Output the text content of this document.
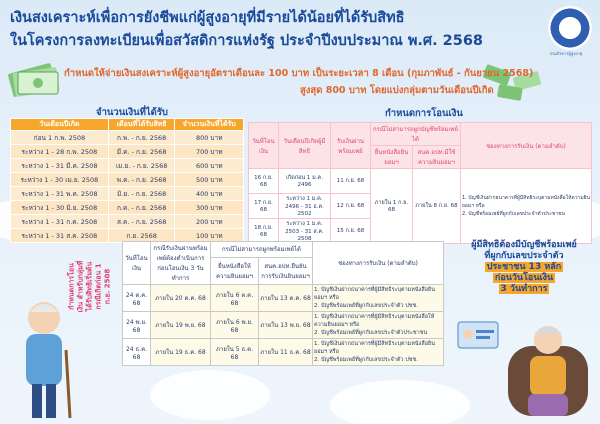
เงินสงเคราะห์เพื่อการยังชีพแก่ผู้สูงอายุที่มีรายได้น้อยที่ได้รับสิทธิ
ในโครงการลงทะเบียนเพื่อสวัสดิการแห่งรัฐ ประจำปีงบประมาณ พ.ศ. 2568
กรมกิจการผู้สูงอายุ
กำหนดให้จ่ายเงินสงเคราะห์ผู้สูงอายุอัตราเดือนละ 100 บาท เป็นระยะเวลา 8 เดือน (กุมภาพันธ์ - กันยายน 2568)
สูงสุด 800 บาท โดยแบ่งกลุ่มตามวันเดือนปีเกิด
จำนวนเงินที่ได้รับ	กำหนดการโอนเงิน
วันเดือนปีเกิด	เดือนที่ได้รับสิทธิ	จำนวนเงินที่ได้รับ
ก่อน 1 ก.พ. 2508	ก.พ. - ก.ย. 2568	800 บาท
ระหว่าง 1 - 28 ก.พ. 2508	มี.ค. - ก.ย. 2568	700 บาท
ระหว่าง 1 - 31 มี.ค. 2508	เม.ย. - ก.ย. 2568	600 บาท
ระหว่าง 1 - 30 เม.ย. 2508	พ.ค. - ก.ย. 2568	500 บาท
ระหว่าง 1 - 31 พ.ค. 2508	มิ.ย. - ก.ย. 2568	400 บาท
ระหว่าง 1 - 30 มิ.ย. 2508	ก.ค. - ก.ย. 2568	300 บาท
ระหว่าง 1 - 31 ก.ค. 2508	ส.ค. - ก.ย. 2568	200 บาท
ระหว่าง 1 - 31 ส.ค. 2508	ก.ย. 2568	100 บาท
วันที่โอนเงิน	วันเดือนปีเกิดผู้มีสิทธิ	รับเงินผ่านพร้อมเพย์	กรณีไม่สามารถผูกบัญชีพร้อมเพย์ได้		ช่องทางการรับเงิน (ตามลำดับ)
			ยื่นหนังสือยินยอมฯ	สนค.อปท.มีใช้ความยินยอมฯ	
16 ก.ย. 68	เกิดก่อน 1 ม.ค. 2496	11 ก.ย. 68	ภายใน 1 ก.ย. 68	ภายใน 8 ก.ย. 68	1. บัญชีเงินฝากธนาคารที่ผู้มีสิทธิระบุตามหนังสือให้ความยินยอมฯ หรือ
2. บัญชีพร้อมเพย์ที่ผูกกับเลขประจำตัวประชาชน

17 ก.ย. 68	ระหว่าง 1 ม.ค. 2496 - 31 ธ.ค. 2502	12 ก.ย. 68			
18 ก.ย. 68	ระหว่าง 1 ม.ค. 2503 - 31 ส.ค. 2508	15 ก.ย. 68			
กำหนดการโอนเงิน สำหรับกลุ่มที่ได้รับสิทธิเริ่มต้น กรณีเกิดก่อน 1 ก.ย. 2508
วันที่โอนเงิน	กรณีรับเงินผ่านพร้อมเพย์ต้องดำเนินการก่อนโอนเงิน 3 วันทำการ	กรณีไม่สามารถผูกพร้อมเพย์ได้		ช่องทางการรับเงิน (ตามลำดับ)
		ยื่นหนังสือให้ความยินยอมฯ	สนค.อปท.ยืนยันการรับเงินยินยอมฯ	
24 ต.ค. 68	ภายใน 20 ต.ค. 68	ภายใน 6 ต.ค. 68	ภายใน 13 ต.ค. 68	1. บัญชีเงินฝากธนาคารที่ผู้มีสิทธิระบุตามหนังสือยินยอมฯ หรือ
2. บัญชีพร้อมเพย์ที่ผูกกับเลขประจำตัว ปชช.

24 พ.ย. 68	ภายใน 19 พ.ย. 68	ภายใน 6 พ.ย. 68	ภายใน 13 พ.ย. 68	1. บัญชีเงินฝากธนาคารที่ผู้มีสิทธิระบุตามหนังสือให้ความยินยอมฯ หรือ
2. บัญชีพร้อมเพย์ที่ผูกกับเลขประจำตัวประชาชน

24 ธ.ค. 68	ภายใน 19 ธ.ค. 68	ภายใน 5 ธ.ค. 68	ภายใน 11 ธ.ค. 68	1. บัญชีเงินฝากธนาคารที่ผู้มีสิทธิระบุตามหนังสือยินยอมฯ หรือ
2. บัญชีพร้อมเพย์ที่ผูกกับเลขประจำตัว ปชช.
ผู้มีสิทธิต้องมีบัญชีพร้อมเพย์
ที่ผูกกับเลขประจำตัว
ประชาชน 13 หลัก
ก่อนวันโอนเงิน
3 วันทำการ
